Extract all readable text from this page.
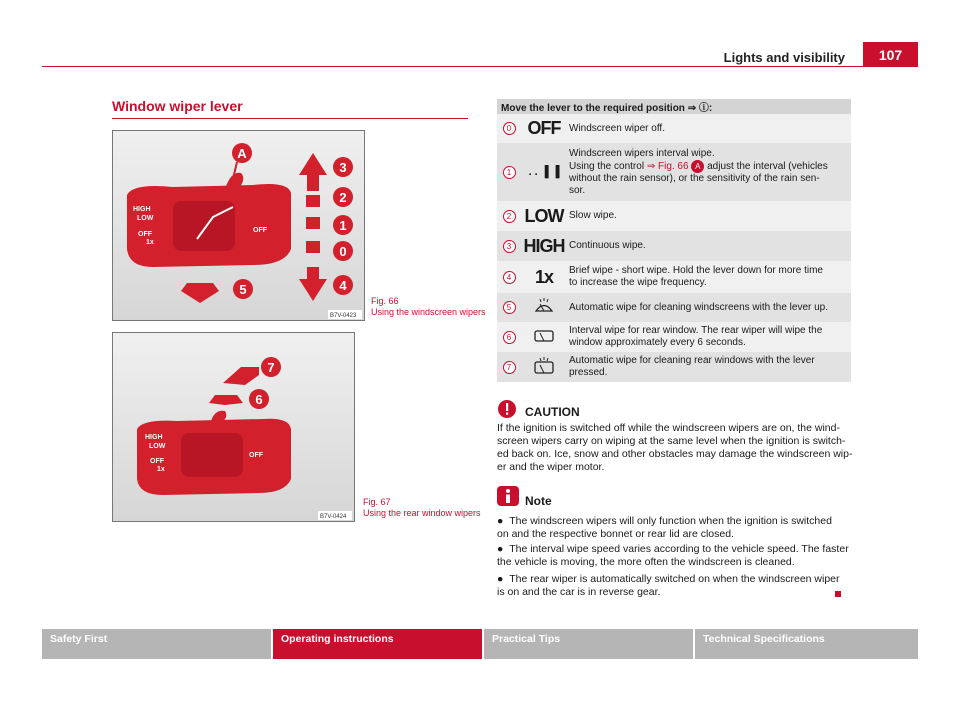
Lights and visibility	107
Window wiper lever
HIGH
LOW
OFF
1x
OFF
A
3
2
1
0
5	4
B7V-0423
Fig. 66
Using the windscreen wipers
HIGH
LOW
OFF
1x
OFF
7
6
B7V-0424
Fig. 67
Using the rear window wipers
Move the lever to the required position ⇒ ⓘ:		
0	OFF	Windscreen wiper off.
1	. . ▐ ▐	Windscreen wipers interval wipe.
Using the control ⇒ Fig. 66 A adjust the interval (vehicles
without the rain sensor), or the sensitivity of the rain sen-
sor.

2	LOW	Slow wipe.
3	HIGH	Continuous wipe.
4	1x	Brief wipe - short wipe. Hold the lever down for more time
to increase the wipe frequency.

5		Automatic wipe for cleaning windscreens with the lever up.
6		Interval wipe for rear window. The rear wiper will wipe the
window approximately every 6 seconds.

7		Automatic wipe for cleaning rear windows with the lever
pressed.
CAUTION
If the ignition is switched off while the windscreen wipers are on, the wind-
screen wipers carry on wiping at the same level when the ignition is switch-
ed back on. Ice, snow and other obstacles may damage the windscreen wip-
er and the wiper motor.
Note
●  The windscreen wipers will only function when the ignition is switched
on and the respective bonnet or rear lid are closed.
●  The interval wipe speed varies according to the vehicle speed. The faster
the vehicle is moving, the more often the windscreen is cleaned.
●  The rear wiper is automatically switched on when the windscreen wiper
is on and the car is in reverse gear.
Safety First	Operating instructions	Practical Tips	Technical Specifications
